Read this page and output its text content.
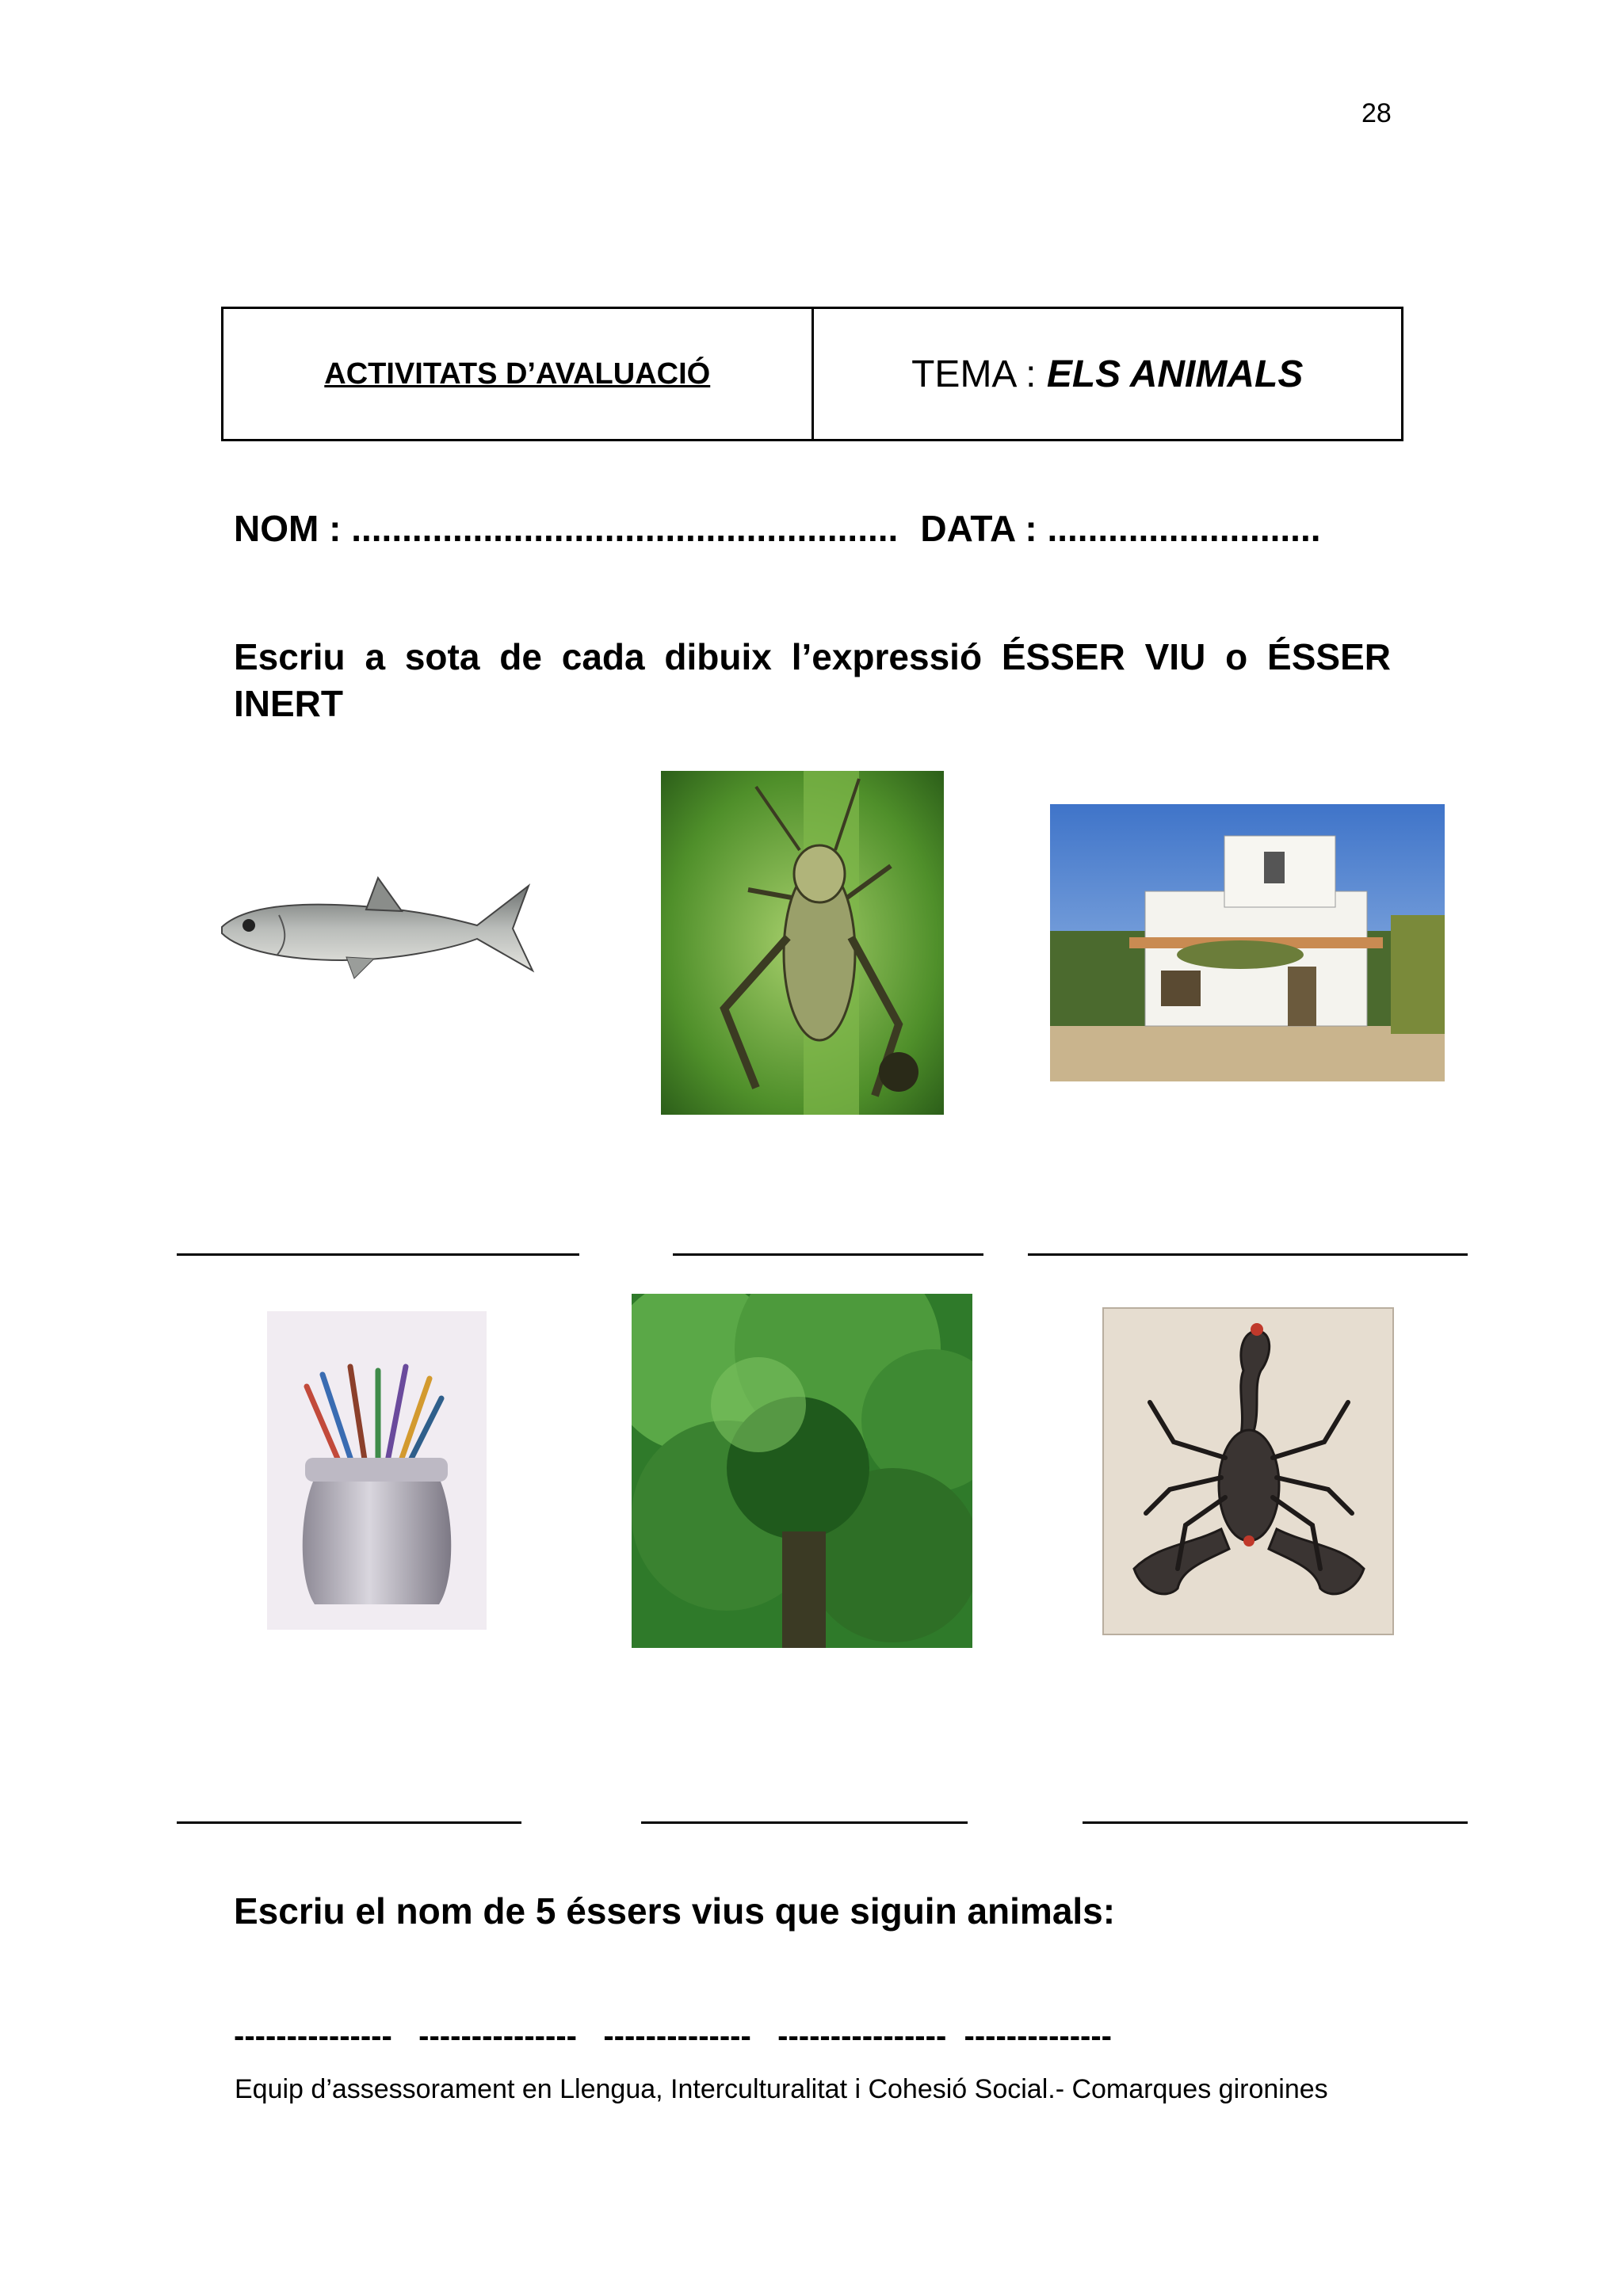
28
ACTIVITATS D’AVALUACIÓ	TEMA : ELS ANIMALS
NOM : ...................................................... DATA : ...........................
Escriu a sota de cada dibuix l’expressió ÉSSER VIU o ÉSSER INERT
Escriu el nom de 5 éssers vius que siguin animals:
--------------- --------------- -------------- ---------------- --------------
Equip d’assessorament en Llengua, Interculturalitat i Cohesió Social.- Comarques gironines
